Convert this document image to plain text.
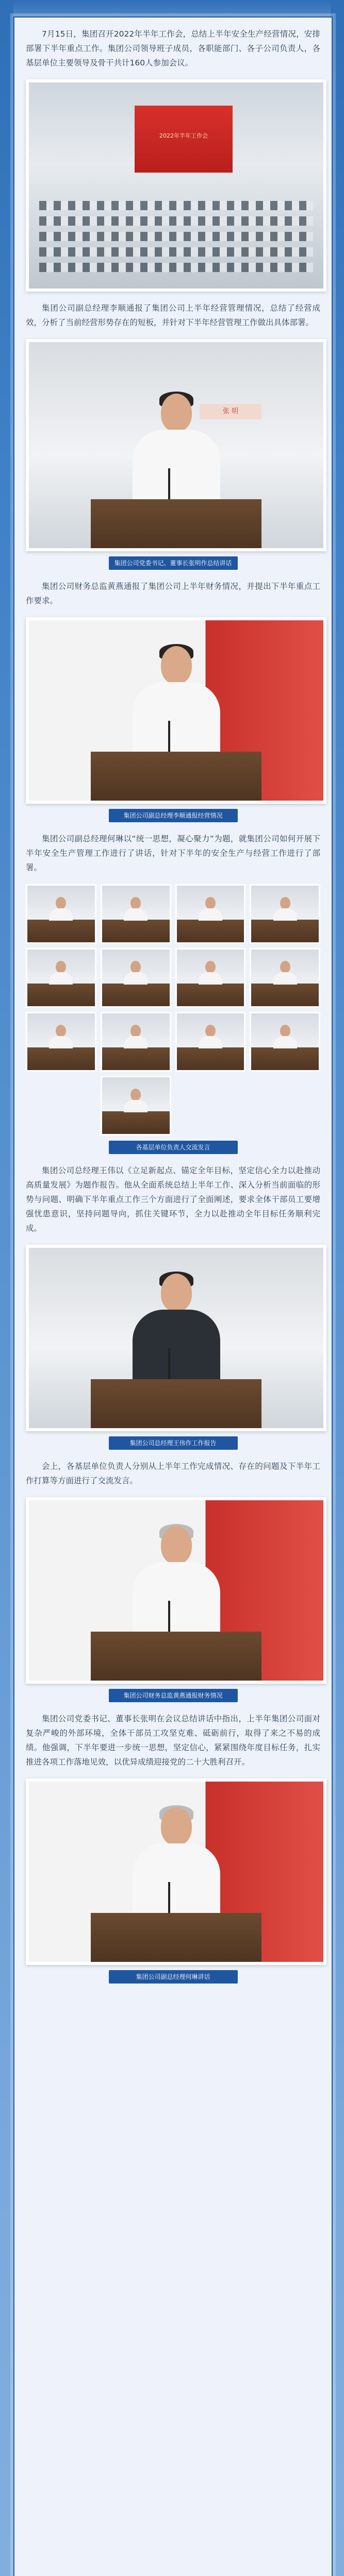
7月15日，集团召开2022年半年工作会，总结上半年安全生产经营情况，安排部署下半年重点工作。集团公司领导班子成员，各职能部门、各子公司负责人，各基层单位主要领导及骨干共计160人参加会议。

2022年半年工作会

集团公司副总经理李顺通报了集团公司上半年经营管理情况，总结了经营成效，分析了当前经营形势存在的短板，并针对下半年经营管理工作做出具体部署。

张 明
集团公司党委书记、董事长张明作总结讲话

集团公司财务总监黄燕通报了集团公司上半年财务情况，并提出下半年重点工作要求。

集团公司副总经理李顺通报经营情况

集团公司副总经理何琳以“统一思想，凝心聚力”为题，就集团公司如何开展下半年安全生产管理工作进行了讲话，针对下半年的安全生产与经营工作进行了部署。

各基层单位负责人交流发言

集团公司总经理王伟以《立足新起点、锚定全年目标，坚定信心全力以赴推动高质量发展》为题作报告。他从全面系统总结上半年工作、深入分析当前面临的形势与问题、明确下半年重点工作三个方面进行了全面阐述，要求全体干部员工要增强忧患意识，坚持问题导向，抓住关键环节，全力以赴推动全年目标任务顺利完成。

集团公司总经理王伟作工作报告

会上，各基层单位负责人分别从上半年工作完成情况、存在的问题及下半年工作打算等方面进行了交流发言。

集团公司财务总监黄燕通报财务情况

集团公司党委书记、董事长张明在会议总结讲话中指出，上半年集团公司面对复杂严峻的外部环境，全体干部员工攻坚克难、砥砺前行，取得了来之不易的成绩。他强调，下半年要进一步统一思想，坚定信心，紧紧围绕年度目标任务，扎实推进各项工作落地见效，以优异成绩迎接党的二十大胜利召开。

集团公司副总经理何琳讲话
